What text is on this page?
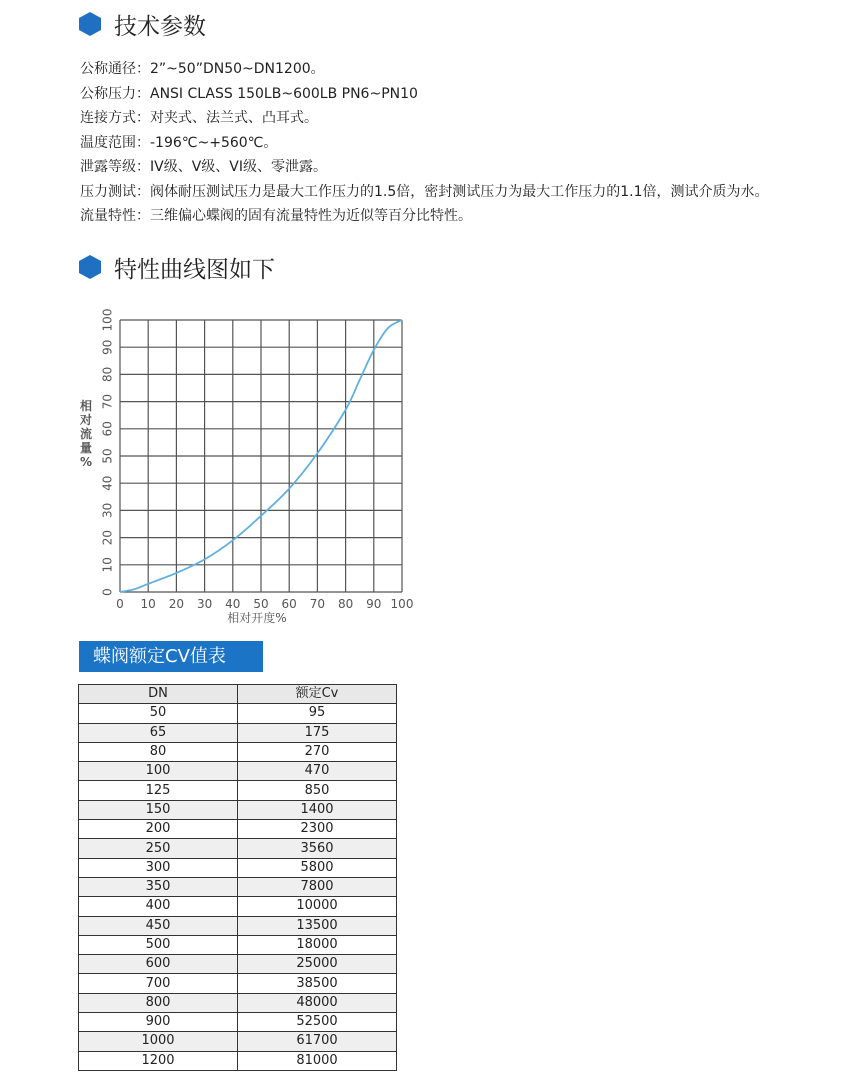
技术参数
公称通径：2”~50”DN50~DN1200。
公称压力：ANSI CLASS 150LB~600LB PN6~PN10
连接方式：对夹式、法兰式、凸耳式。
温度范围：-196℃~+560℃。
泄露等级：IV级、V级、VI级、零泄露。
压力测试：阀体耐压测试压力是最大工作压力的1.5倍，密封测试压力为最大工作压力的1.1倍，测试介质为水。
流量特性：三维偏心蝶阀的固有流量特性为近似等百分比特性。
特性曲线图如下
0 10 20 30 40 50 60 70 80 90 100
0
10
20
30
40
50
60
70
80
90
100
相对开度%
相
对
流
量
%
蝶阀额定CV值表
DN	额定Cv
50	95
65	175
80	270
100	470
125	850
150	1400
200	2300
250	3560
300	5800
350	7800
400	10000
450	13500
500	18000
600	25000
700	38500
800	48000
900	52500
1000	61700
1200	81000
